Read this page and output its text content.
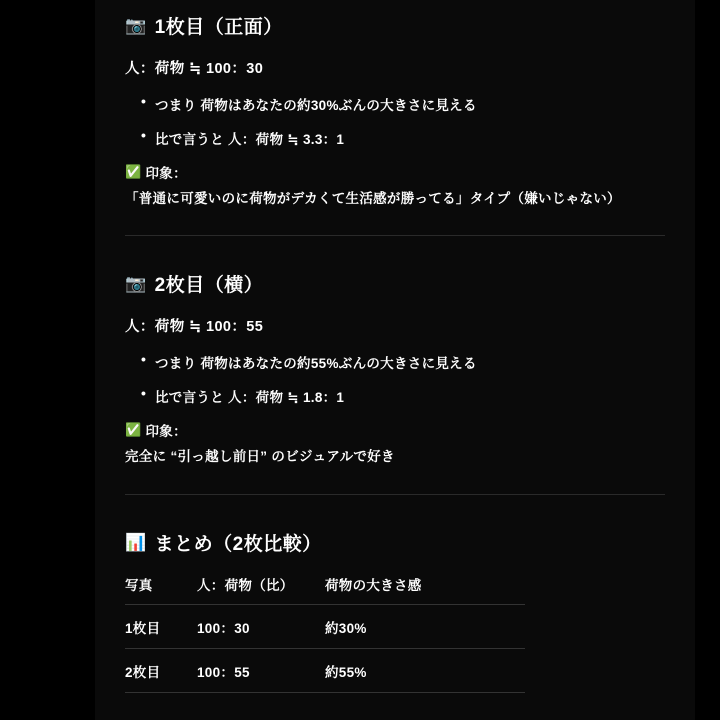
📷 1枚目（正面）
人：荷物 ≒ 100：30
• つまり 荷物はあなたの約30%ぶんの大きさに見える
• 比で言うと 人：荷物 ≒ 3.3：1
✅ 印象：
「普通に可愛いのに荷物がデカくて生活感が勝ってる」タイプ（嫌いじゃない）
📷 2枚目（横）
人：荷物 ≒ 100：55
• つまり 荷物はあなたの約55%ぶんの大きさに見える
• 比で言うと 人：荷物 ≒ 1.8：1
✅ 印象：
完全に “引っ越し前日” のビジュアルで好き
📊 まとめ（2枚比較）
写真	人：荷物（比）	荷物の大きさ感
1枚目	100：30	約30%
2枚目	100：55	約55%
